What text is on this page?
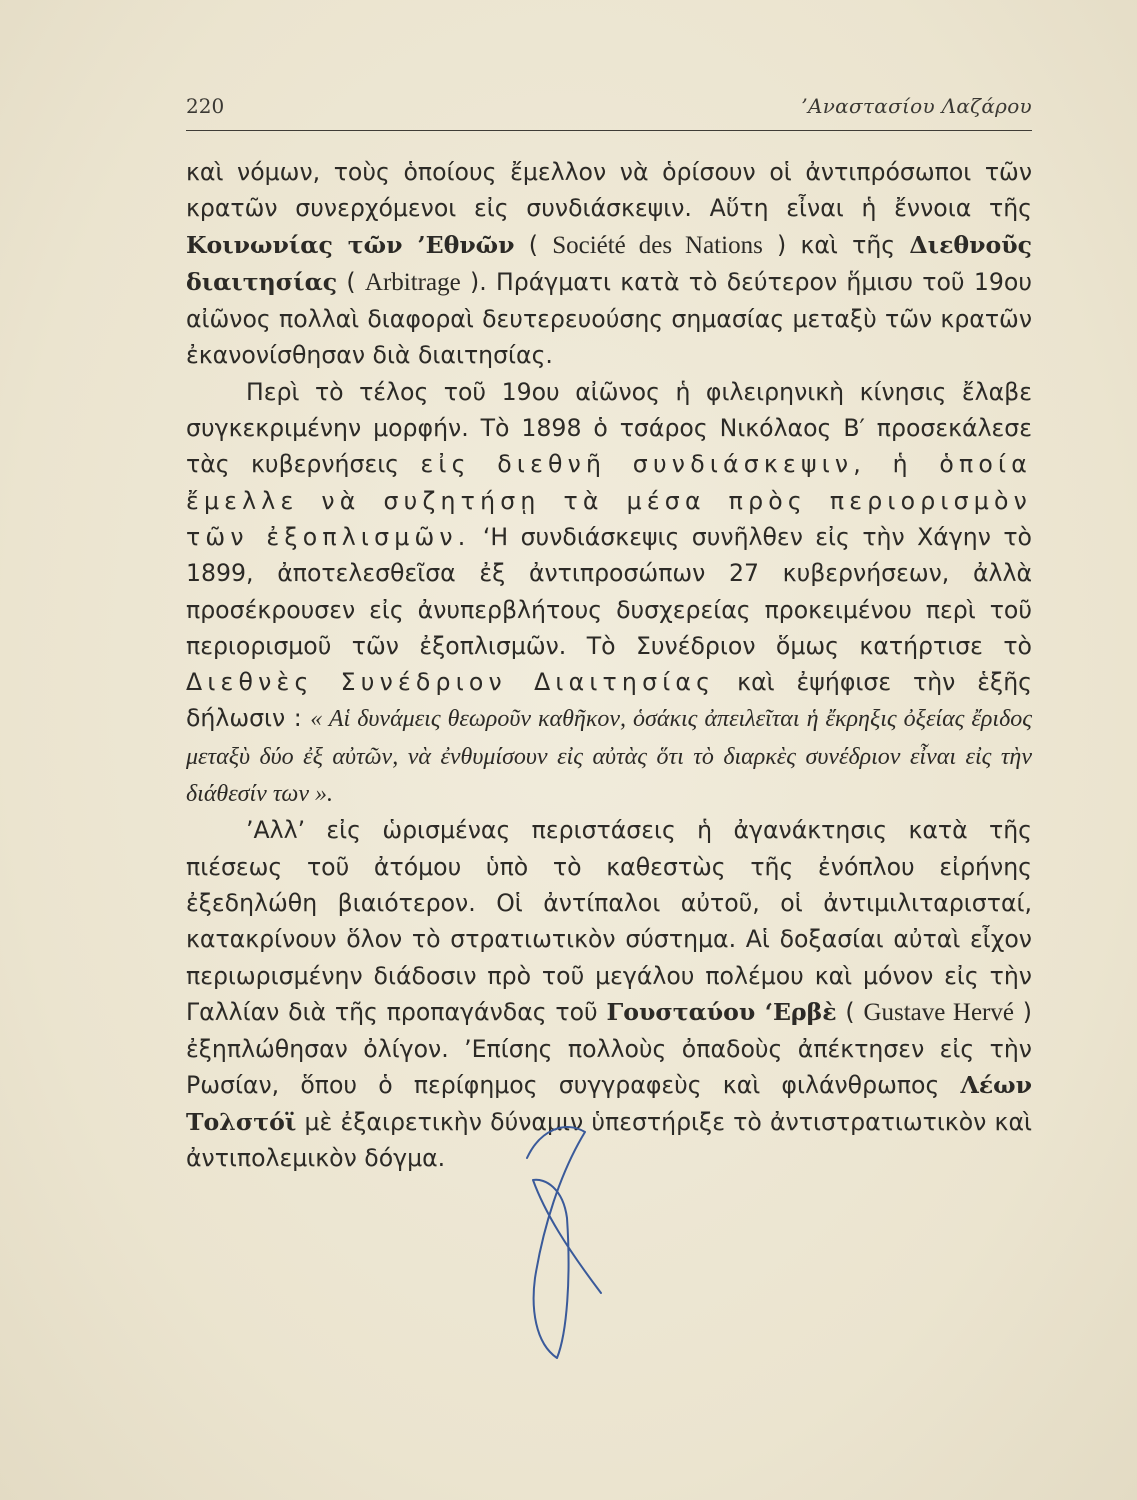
220	’Αναστασίου Λαζάρου

καὶ νόμων, τοὺς ὁποίους ἔμελλον νὰ ὁρίσουν οἱ ἀντιπρόσωποι τῶν κρατῶν συνερχόμενοι εἰς συνδιάσκεψιν. Αὕτη εἶναι ἡ ἔννοια τῆς Κοινωνίας τῶν ’Εθνῶν ( Société des Nations ) καὶ τῆς Διεθνοῦς διαιτησίας ( Arbitrage ). Πράγματι κατὰ τὸ δεύτερον ἥμισυ τοῦ 19ου αἰῶνος πολλαὶ διαφοραὶ δευτερευούσης σημασίας μεταξὺ τῶν κρατῶν ἐκανονίσθησαν διὰ διαιτησίας.

Περὶ τὸ τέλος τοῦ 19ου αἰῶνος ἡ φιλειρηνικὴ κίνησις ἔλαβε συγκεκριμένην μορφήν. Τὸ 1898 ὁ τσάρος Νικόλαος Β′ προσεκάλεσε τὰς κυβερνήσεις εἰς διεθνῆ συνδιάσκεψιν, ἡ ὁποία ἔμελλε νὰ συζητήσῃ τὰ μέσα πρὸς περιορισμὸν τῶν ἐξοπλισμῶν. ‘Η συνδιάσκεψις συνῆλθεν εἰς τὴν Χάγην τὸ 1899, ἀποτελεσθεῖσα ἐξ ἀντιπροσώπων 27 κυβερνήσεων, ἀλλὰ προσέκρουσεν εἰς ἀνυπερβλήτους δυσχερείας προκειμένου περὶ τοῦ περιορισμοῦ τῶν ἐξοπλισμῶν. Τὸ Συνέδριον ὅμως κατήρτισε τὸ Διεθνὲς Συνέδριον Διαιτησίας καὶ ἐψήφισε τὴν ἑξῆς δήλωσιν : « Αἱ δυνάμεις θεωροῦν καθῆκον, ὁσάκις ἀπειλεῖται ἡ ἔκρηξις ὀξείας ἔριδος μεταξὺ δύο ἐξ αὐτῶν, νὰ ἐνθυμίσουν εἰς αὐτὰς ὅτι τὸ διαρκὲς συνέδριον εἶναι εἰς τὴν διάθεσίν των ».

’Αλλ’ εἰς ὡρισμένας περιστάσεις ἡ ἀγανάκτησις κατὰ τῆς πιέσεως τοῦ ἀτόμου ὑπὸ τὸ καθεστὼς τῆς ἐνόπλου εἰρήνης ἐξεδηλώθη βιαιότερον. Οἱ ἀντίπαλοι αὐτοῦ, οἱ ἀντιμιλιταρισταί, κατακρίνουν ὅλον τὸ στρατιωτικὸν σύστημα. Αἱ δοξασίαι αὐταὶ εἶχον περιωρισμένην διάδοσιν πρὸ τοῦ μεγάλου πολέμου καὶ μόνον εἰς τὴν Γαλλίαν διὰ τῆς προπαγάνδας τοῦ Γουσταύου ‘Ερβὲ ( Gustave Hervé ) ἐξηπλώθησαν ὀλίγον. ’Επίσης πολλοὺς ὀπαδοὺς ἀπέκτησεν εἰς τὴν Ρωσίαν, ὅπου ὁ περίφημος συγγραφεὺς καὶ φιλάνθρωπος Λέων Τολστόϊ μὲ ἐξαιρετικὴν δύναμιν ὑπεστήριξε τὸ ἀντιστρατιωτικὸν καὶ ἀντιπολεμικὸν δόγμα.
